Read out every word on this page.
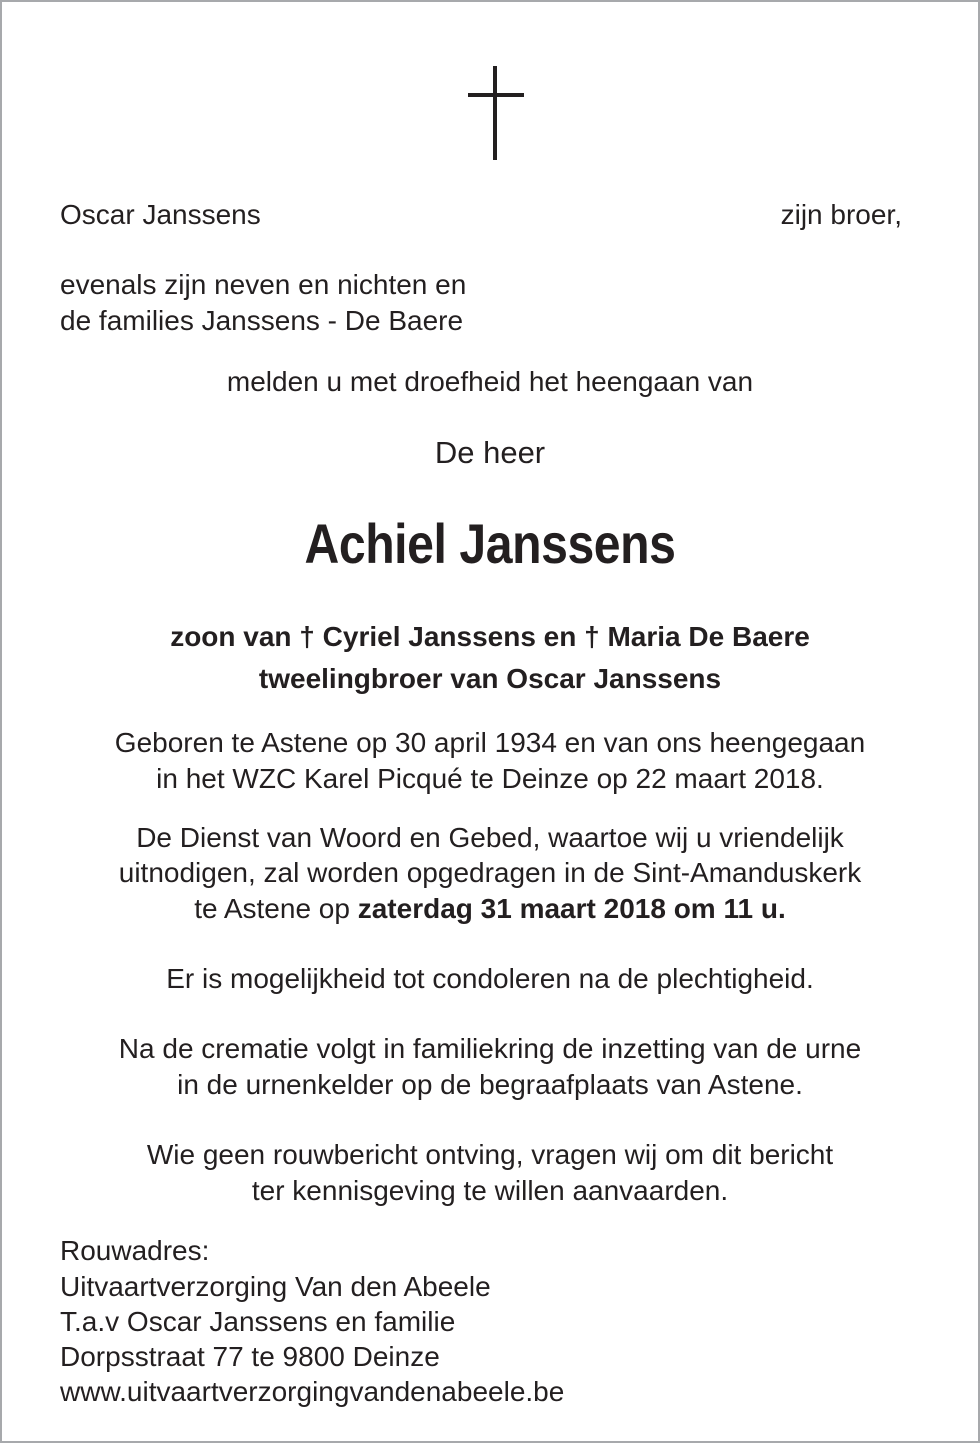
Oscar Janssens	zijn broer,

evenals zijn neven en nichten en

de families Janssens - De Baere

melden u met droefheid het heengaan van

De heer

Achiel Janssens

zoon van † Cyriel Janssens en † Maria De Baere

tweelingbroer van Oscar Janssens

Geboren te Astene op 30 april 1934 en van ons heengegaan

in het WZC Karel Picqué te Deinze op 22 maart 2018.

De Dienst van Woord en Gebed, waartoe wij u vriendelijk

uitnodigen, zal worden opgedragen in de Sint-Amanduskerk

te Astene op zaterdag 31 maart 2018 om 11 u.

Er is mogelijkheid tot condoleren na de plechtigheid.

Na de crematie volgt in familiekring de inzetting van de urne

in de urnenkelder op de begraafplaats van Astene.

Wie geen rouwbericht ontving, vragen wij om dit bericht

ter kennisgeving te willen aanvaarden.

Rouwadres:

Uitvaartverzorging Van den Abeele

T.a.v Oscar Janssens en familie

Dorpsstraat 77 te 9800 Deinze

www.uitvaartverzorgingvandenabeele.be
